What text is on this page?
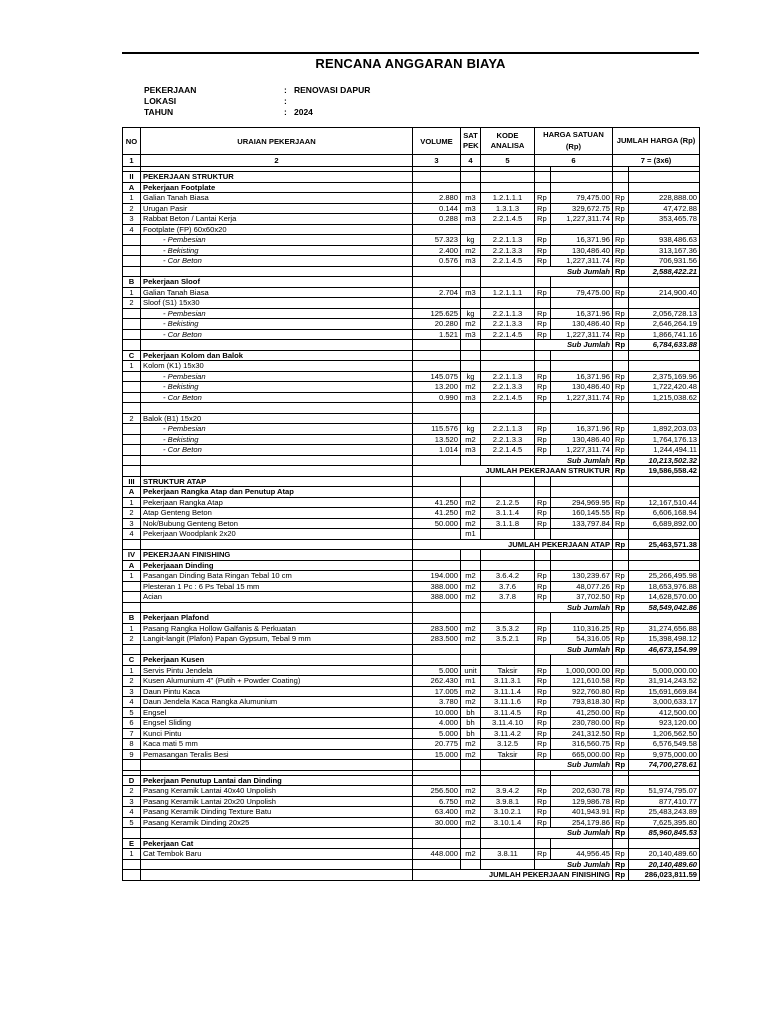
RENCANA ANGGARAN BIAYA
PEKERJAAN	: RENOVASI DAPUR
LOKASI	:
TAHUN	: 2024
NO	URAIAN PEKERJAAN	VOLUME	SAT PEK	KODE ANALISA	HARGA SATUAN (Rp)		JUMLAH HARGA (Rp)	
1	2	3	4	5	6		7 = (3x6)	

II	PEKERJAAN STRUKTUR							
A	Pekerjaan Footplate							
1	Galian Tanah Biasa	2.880	m3	1.2.1.1.1	Rp	79,475.00	Rp	228,888.00
2	Urugan Pasir	0.144	m3	1.3.1.3	Rp	329,672.75	Rp	47,472.88
3	Rabbat Beton / Lantai Kerja	0.288	m3	2.2.1.4.5	Rp	1,227,311.74	Rp	353,465.78
4	Footplate (FP) 60x60x20							
	- Pembesian	57.323	kg	2.2.1.1.3	Rp	16,371.96	Rp	938,486.63
	- Bekisting	2.400	m2	2.2.1.3.3	Rp	130,486.40	Rp	313,167.36
	- Cor Beton	0.576	m3	2.2.1.4.5	Rp	1,227,311.74	Rp	706,931.56
					Sub Jumlah		Rp	2,588,422.21
B	Pekerjaan Sloof							
1	Galian Tanah Biasa	2.704	m3	1.2.1.1.1	Rp	79,475.00	Rp	214,900.40
2	Sloof (S1) 15x30							
	- Pembesian	125.625	kg	2.2.1.1.3	Rp	16,371.96	Rp	2,056,728.13
	- Bekisting	20.280	m2	2.2.1.3.3	Rp	130,486.40	Rp	2,646,264.19
	- Cor Beton	1.521	m3	2.2.1.4.5	Rp	1,227,311.74	Rp	1,866,741.16
					Sub Jumlah		Rp	6,784,633.88
C	Pekerjaan Kolom dan Balok							
1	Kolom (K1) 15x30							
	- Pembesian	145.075	kg	2.2.1.1.3	Rp	16,371.96	Rp	2,375,169.96
	- Bekisting	13.200	m2	2.2.1.3.3	Rp	130,486.40	Rp	1,722,420.48
	- Cor Beton	0.990	m3	2.2.1.4.5	Rp	1,227,311.74	Rp	1,215,038.62

2	Balok (B1) 15x20							
	- Pembesian	115.576	kg	2.2.1.1.3	Rp	16,371.96	Rp	1,892,203.03
	- Bekisting	13.520	m2	2.2.1.3.3	Rp	130,486.40	Rp	1,764,176.13
	- Cor Beton	1.014	m3	2.2.1.4.5	Rp	1,227,311.74	Rp	1,244,494.11
					Sub Jumlah		Rp	10,213,502.32
		JUMLAH PEKERJAAN STRUKTUR					Rp	19,586,558.42
III	STRUKTUR ATAP							
A	Pekerjaan Rangka Atap dan Penutup Atap							
1	Pekerjaan Rangka Atap	41.250	m2	2.1.2.5	Rp	294,969.95	Rp	12,167,510.44
2	Atap Genteng Beton	41.250	m2	3.1.1.4	Rp	160,145.55	Rp	6,606,168.94
3	Nok/Bubung Genteng Beton	50.000	m2	3.1.1.8	Rp	133,797.84	Rp	6,689,892.00
4	Pekerjaan Woodplank 2x20		m1					
		JUMLAH PEKERJAAN ATAP					Rp	25,463,571.38
IV	PEKERJAAN FINISHING							
A	Pekerjaaan Dinding							
1	Pasangan Dinding Bata Ringan Tebal 10 cm	194.000	m2	3.6.4.2	Rp	130,239.67	Rp	25,266,495.98
	Plesteran 1 Pc : 6 Ps Tebal 15 mm	388.000	m2	3.7.6	Rp	48,077.26	Rp	18,653,976.88
	Acian	388.000	m2	3.7.8	Rp	37,702.50	Rp	14,628,570.00
					Sub Jumlah		Rp	58,549,042.86
B	Pekerjaan Plafond							
1	Pasang Rangka Hollow Galfanis & Perkuatan	283.500	m2	3.5.3.2	Rp	110,316.25	Rp	31,274,656.88
2	Langit-langit (Plafon) Papan Gypsum, Tebal 9 mm	283.500	m2	3.5.2.1	Rp	54,316.05	Rp	15,398,498.12
					Sub Jumlah		Rp	46,673,154.99
C	Pekerjaan Kusen							
1	Servis Pintu Jendela	5.000	unit	Taksir	Rp	1,000,000.00	Rp	5,000,000.00
2	Kusen Alumunium 4" (Putih + Powder Coating)	262.430	m1	3.11.3.1	Rp	121,610.58	Rp	31,914,243.52
3	Daun Pintu Kaca	17.005	m2	3.11.1.4	Rp	922,760.80	Rp	15,691,669.84
4	Daun Jendela Kaca Rangka Alumunium	3.780	m2	3.11.1.6	Rp	793,818.30	Rp	3,000,633.17
5	Engsel	10.000	bh	3.11.4.5	Rp	41,250.00	Rp	412,500.00
6	Engsel Sliding	4.000	bh	3.11.4.10	Rp	230,780.00	Rp	923,120.00
7	Kunci Pintu	5.000	bh	3.11.4.2	Rp	241,312.50	Rp	1,206,562.50
8	Kaca mati 5 mm	20.775	m2	3.12.5	Rp	316,560.75	Rp	6,576,549.58
9	Pemasangan Teralis Besi	15.000	m2	Taksir	Rp	665,000.00	Rp	9,975,000.00
					Sub Jumlah		Rp	74,700,278.61

D	Pekerjaan Penutup Lantai dan Dinding							
2	Pasang Keramik Lantai 40x40 Unpolish	256.500	m2	3.9.4.2	Rp	202,630.78	Rp	51,974,795.07
3	Pasang Keramik Lantai 20x20 Unpolish	6.750	m2	3.9.8.1	Rp	129,986.78	Rp	877,410.77
4	Pasang Keramik Dinding Texture Batu	63.400	m2	3.10.2.1	Rp	401,943.91	Rp	25,483,243.89
5	Pasang Keramik Dinding 20x25	30.000	m2	3.10.1.4	Rp	254,179.86	Rp	7,625,395.80
					Sub Jumlah		Rp	85,960,845.53
E	Pekerjaan Cat							
1	Cat Tembok Baru	448.000	m2	3.8.11	Rp	44,956.45	Rp	20,140,489.60
					Sub Jumlah		Rp	20,140,489.60
		JUMLAH PEKERJAAN FINISHING					Rp	286,023,811.59
